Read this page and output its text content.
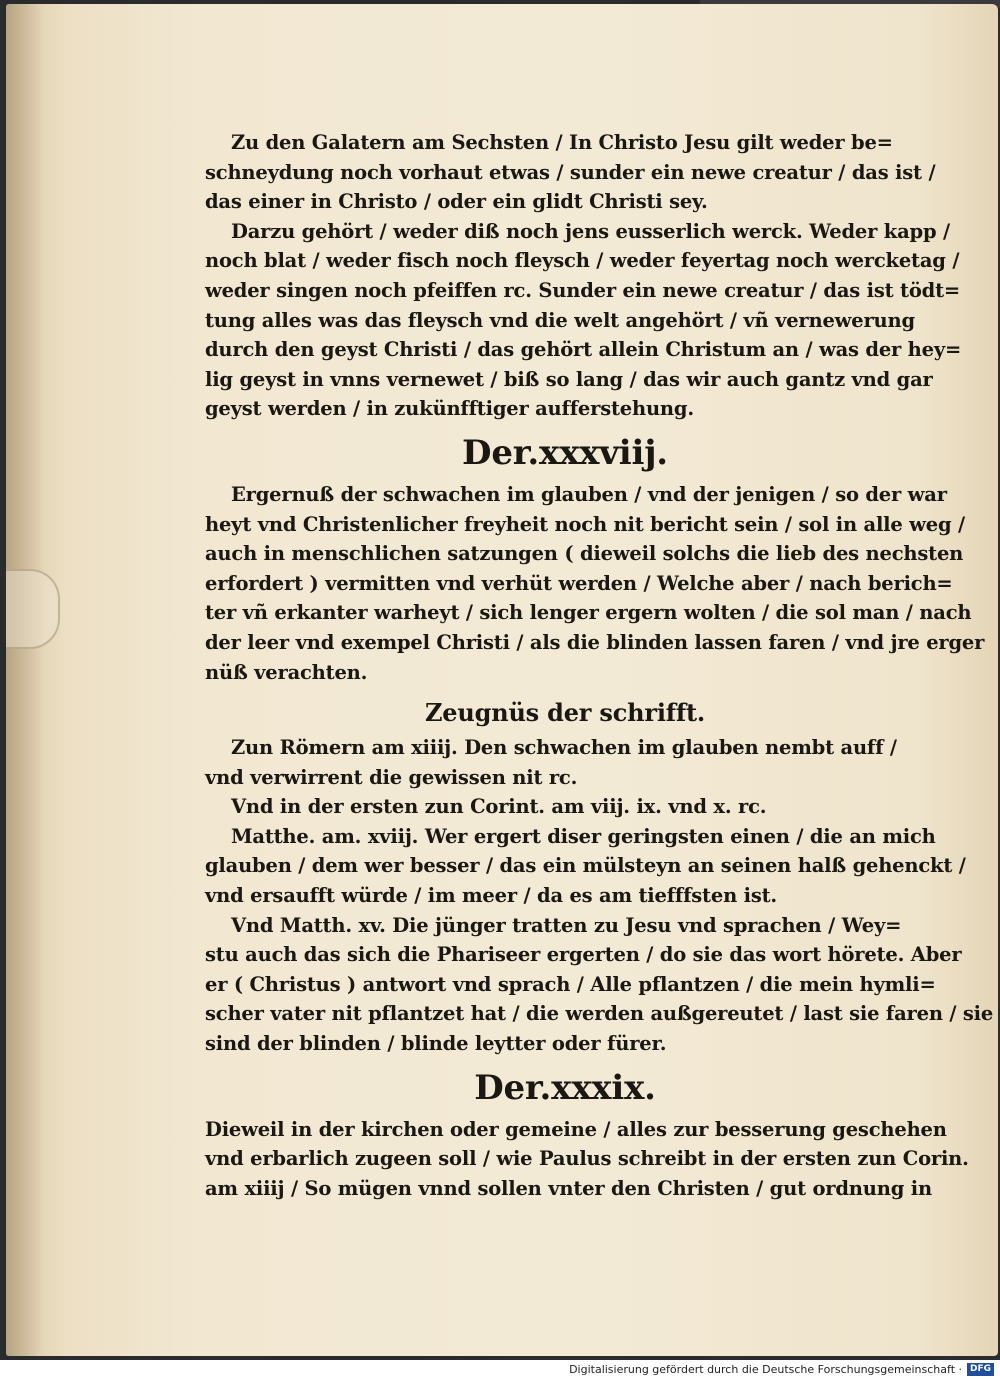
Zu den Galatern am Sechsten / In Christo Jesu gilt weder be=
schneydung noch vorhaut etwas / sunder ein newe creatur / das ist /
das einer in Christo / oder ein glidt Christi sey.
Darzu gehört / weder diß noch jens eusserlich werck. Weder kapp /
noch blat / weder fisch noch fleysch / weder feyertag noch wercketag /
weder singen noch pfeiffen rc. Sunder ein newe creatur / das ist tödt=
tung alles was das fleysch vnd die welt angehört / vñ vernewerung
durch den geyst Christi / das gehört allein Christum an / was der hey=
lig geyst in vnns vernewet / biß so lang / das wir auch gantz vnd gar
geyst werden / in zukünfftiger aufferstehung.
Der.xxxviij.
Ergernuß der schwachen im glauben / vnd der jenigen / so der war
heyt vnd Christenlicher freyheit noch nit bericht sein / sol in alle weg /
auch in menschlichen satzungen ( dieweil solchs die lieb des nechsten
erfordert ) vermitten vnd verhüt werden / Welche aber / nach berich=
ter vñ erkanter warheyt / sich lenger ergern wolten / die sol man / nach
der leer vnd exempel Christi / als die blinden lassen faren / vnd jre erger
nüß verachten.
Zeugnüs der schrifft.
Zun Römern am xiiij. Den schwachen im glauben nembt auff /
vnd verwirrent die gewissen nit rc.
Vnd in der ersten zun Corint. am viij. ix. vnd x. rc.
Matthe. am. xviij. Wer ergert diser geringsten einen / die an mich
glauben / dem wer besser / das ein mülsteyn an seinen halß gehenckt /
vnd ersaufft würde / im meer / da es am tiefffsten ist.
Vnd Matth. xv. Die jünger tratten zu Jesu vnd sprachen / Wey=
stu auch das sich die Phariseer ergerten / do sie das wort hörete. Aber
er ( Christus ) antwort vnd sprach / Alle pflantzen / die mein hymli=
scher vater nit pflantzet hat / die werden außgereutet / last sie faren / sie
sind der blinden / blinde leytter oder fürer.
Der.xxxix.
Dieweil in der kirchen oder gemeine / alles zur besserung geschehen
vnd erbarlich zugeen soll / wie Paulus schreibt in der ersten zun Corin.
am xiiij / So mügen vnnd sollen vnter den Christen / gut ordnung in
Digitalisierung gefördert durch die Deutsche Forschungsgemeinschaft · DFG
